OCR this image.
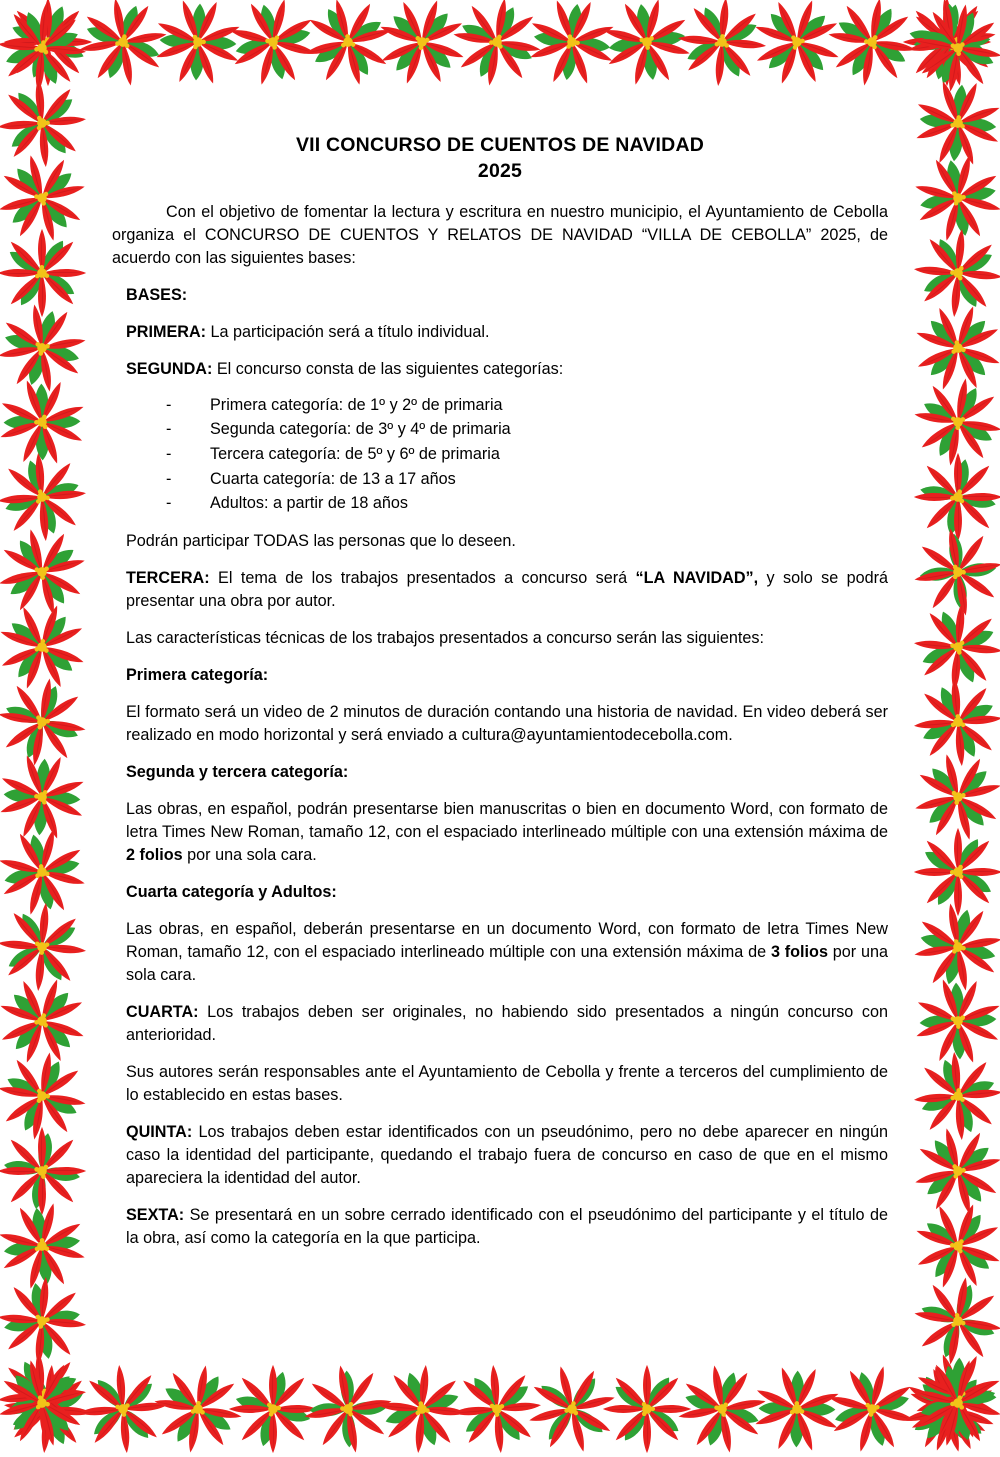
VII CONCURSO DE CUENTOS DE NAVIDAD
2025

Con el objetivo de fomentar la lectura y escritura en nuestro municipio, el Ayuntamiento de Cebolla organiza el CONCURSO DE CUENTOS Y RELATOS DE NAVIDAD “VILLA DE CEBOLLA” 2025, de acuerdo con las siguientes bases:

BASES:

PRIMERA: La participación será a título individual.

SEGUNDA: El concurso consta de las siguientes categorías:

- Primera categoría: de 1º y 2º de primaria
- Segunda categoría: de 3º y 4º de primaria
- Tercera categoría: de 5º y 6º de primaria
- Cuarta categoría: de 13 a 17 años
- Adultos: a partir de 18 años

Podrán participar TODAS las personas que lo deseen.

TERCERA: El tema de los trabajos presentados a concurso será “LA NAVIDAD”, y solo se podrá presentar una obra por autor.

Las características técnicas de los trabajos presentados a concurso serán las siguientes:

Primera categoría:

El formato será un video de 2 minutos de duración contando una historia de navidad. En video deberá ser realizado en modo horizontal y será enviado a cultura@ayuntamientodecebolla.com.

Segunda y tercera categoría:

Las obras, en español, podrán presentarse bien manuscritas o bien en documento Word, con formato de letra Times New Roman, tamaño 12, con el espaciado interlineado múltiple con una extensión máxima de 2 folios por una sola cara.

Cuarta categoría y Adultos:

Las obras, en español, deberán presentarse en un documento Word, con formato de letra Times New Roman, tamaño 12, con el espaciado interlineado múltiple con una extensión máxima de 3 folios por una sola cara.

CUARTA: Los trabajos deben ser originales, no habiendo sido presentados a ningún concurso con anterioridad.

Sus autores serán responsables ante el Ayuntamiento de Cebolla y frente a terceros del cumplimiento de lo establecido en estas bases.

QUINTA: Los trabajos deben estar identificados con un pseudónimo, pero no debe aparecer en ningún caso la identidad del participante, quedando el trabajo fuera de concurso en caso de que en el mismo apareciera la identidad del autor.

SEXTA: Se presentará en un sobre cerrado identificado con el pseudónimo del participante y el título de la obra, así como la categoría en la que participa.
